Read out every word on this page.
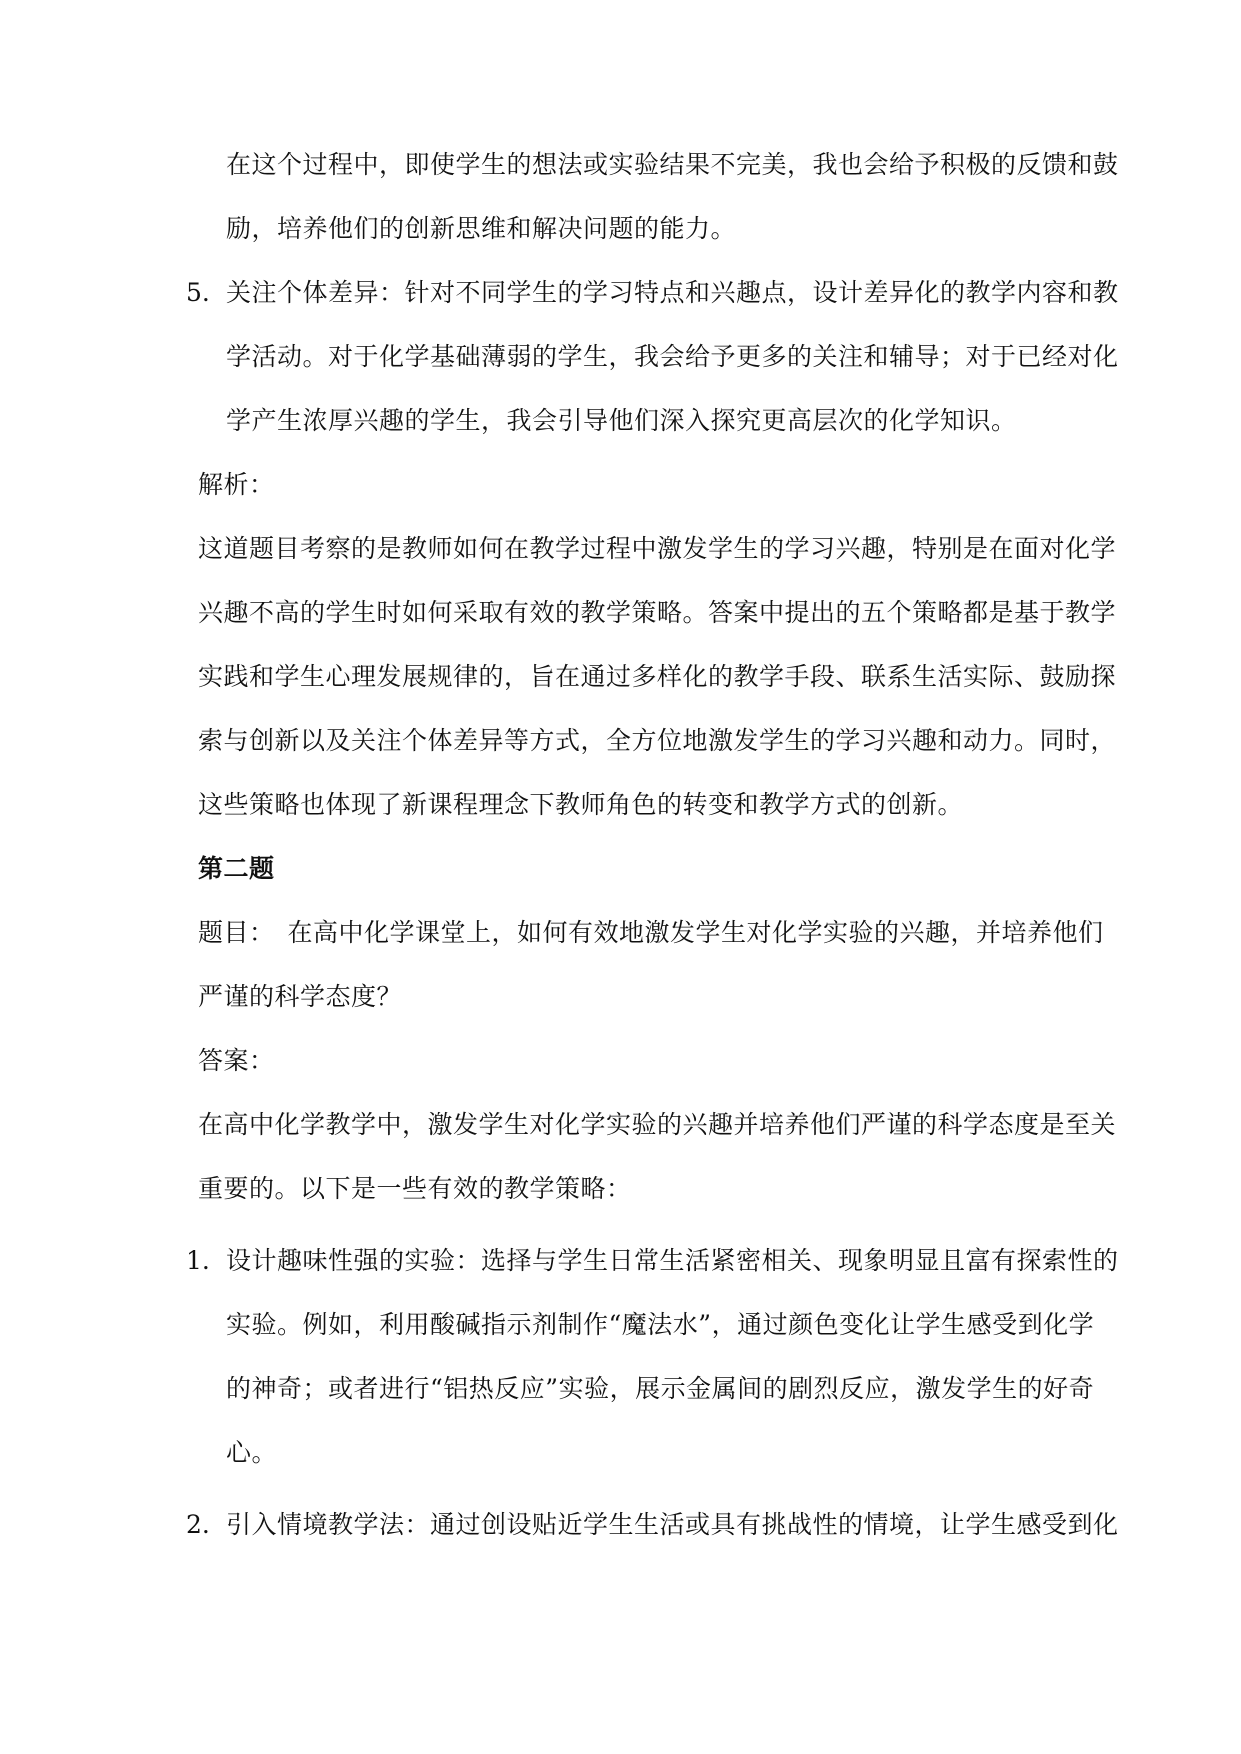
在这个过程中，即使学生的想法或实验结果不完美，我也会给予积极的反馈和鼓
励，培养他们的创新思维和解决问题的能力。
5. 关注个体差异：针对不同学生的学习特点和兴趣点，设计差异化的教学内容和教
学活动。对于化学基础薄弱的学生，我会给予更多的关注和辅导；对于已经对化
学产生浓厚兴趣的学生，我会引导他们深入探究更高层次的化学知识。
解析：
这道题目考察的是教师如何在教学过程中激发学生的学习兴趣，特别是在面对化学
兴趣不高的学生时如何采取有效的教学策略。答案中提出的五个策略都是基于教学
实践和学生心理发展规律的，旨在通过多样化的教学手段、联系生活实际、鼓励探
索与创新以及关注个体差异等方式，全方位地激发学生的学习兴趣和动力。同时，
这些策略也体现了新课程理念下教师角色的转变和教学方式的创新。
第二题
题目：　在高中化学课堂上，如何有效地激发学生对化学实验的兴趣，并培养他们
严谨的科学态度？
答案：
在高中化学教学中，激发学生对化学实验的兴趣并培养他们严谨的科学态度是至关
重要的。以下是一些有效的教学策略：
1. 设计趣味性强的实验：选择与学生日常生活紧密相关、现象明显且富有探索性的
实验。例如，利用酸碱指示剂制作“魔法水”，通过颜色变化让学生感受到化学
的神奇；或者进行“铝热反应”实验，展示金属间的剧烈反应，激发学生的好奇
心。
2. 引入情境教学法：通过创设贴近学生生活或具有挑战性的情境，让学生感受到化
